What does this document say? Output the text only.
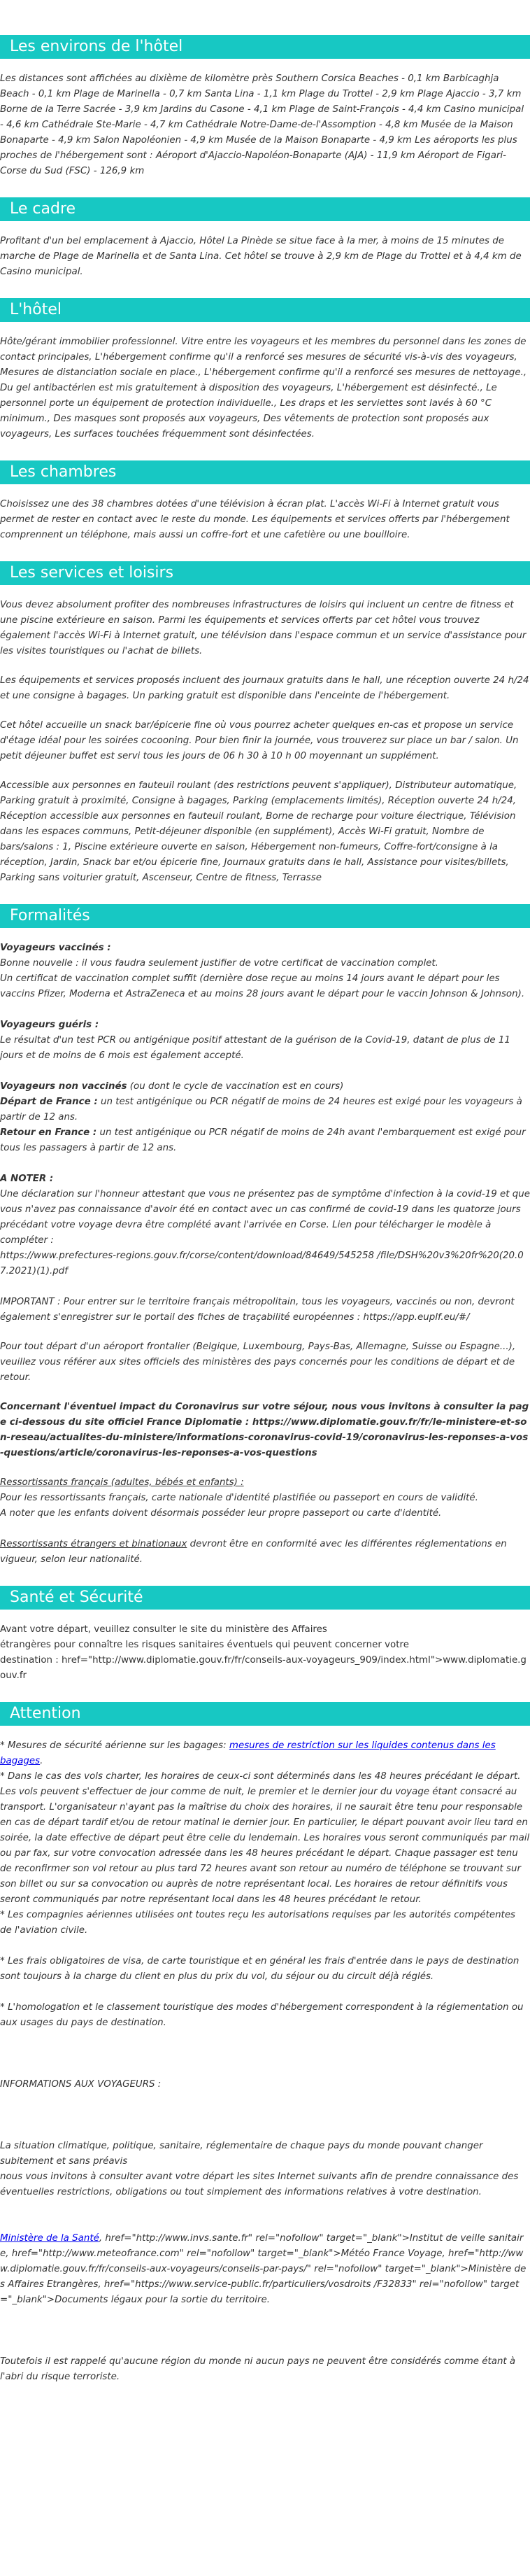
Les environs de l'hôtel

Les distances sont affichées au dixième de kilomètre près Southern Corsica Beaches - 0,1 km Barbicaghja Beach - 0,1 km Plage de Marinella - 0,7 km Santa Lina - 1,1 km Plage du Trottel - 2,9 km Plage Ajaccio - 3,7 km Borne de la Terre Sacrée - 3,9 km Jardins du Casone - 4,1 km Plage de Saint-François - 4,4 km Casino municipal - 4,6 km Cathédrale Ste-Marie - 4,7 km Cathédrale Notre-Dame-de-l'Assomption - 4,8 km Musée de la Maison Bonaparte - 4,9 km Salon Napoléonien - 4,9 km Musée de la Maison Bonaparte - 4,9 km Les aéroports les plus proches de l'hébergement sont : Aéroport d'Ajaccio-Napoléon-Bonaparte (AJA) - 11,9 km Aéroport de Figari-Corse du Sud (FSC) - 126,9 km

Le cadre

Profitant d'un bel emplacement à Ajaccio, Hôtel La Pinède se situe face à la mer, à moins de 15 minutes de marche de Plage de Marinella et de Santa Lina. Cet hôtel se trouve à 2,9 km de Plage du Trottel et à 4,4 km de Casino municipal.

L'hôtel

Hôte/gérant immobilier professionnel. Vitre entre les voyageurs et les membres du personnel dans les zones de contact principales, L'hébergement confirme qu'il a renforcé ses mesures de sécurité vis-à-vis des voyageurs, Mesures de distanciation sociale en place., L'hébergement confirme qu'il a renforcé ses mesures de nettoyage., Du gel antibactérien est mis gratuitement à disposition des voyageurs, L'hébergement est désinfecté., Le personnel porte un équipement de protection individuelle., Les draps et les serviettes sont lavés à 60 °C minimum., Des masques sont proposés aux voyageurs, Des vêtements de protection sont proposés aux voyageurs, Les surfaces touchées fréquemment sont désinfectées.

Les chambres

Choisissez une des 38 chambres dotées d'une télévision à écran plat. L'accès Wi-Fi à Internet gratuit vous permet de rester en contact avec le reste du monde. Les équipements et services offerts par l'hébergement comprennent un téléphone, mais aussi un coffre-fort et une cafetière ou une bouilloire.

Les services et loisirs

Vous devez absolument profiter des nombreuses infrastructures de loisirs qui incluent un centre de fitness et une piscine extérieure en saison. Parmi les équipements et services offerts par cet hôtel vous trouvez également l'accès Wi-Fi à Internet gratuit, une télévision dans l'espace commun et un service d'assistance pour les visites touristiques ou l'achat de billets.

Les équipements et services proposés incluent des journaux gratuits dans le hall, une réception ouverte 24 h/24 et une consigne à bagages. Un parking gratuit est disponible dans l'enceinte de l'hébergement.

Cet hôtel accueille un snack bar/épicerie fine où vous pourrez acheter quelques en-cas et propose un service d'étage idéal pour les soirées cocooning. Pour bien finir la journée, vous trouverez sur place un bar / salon. Un petit déjeuner buffet est servi tous les jours de 06 h 30 à 10 h 00 moyennant un supplément.

Accessible aux personnes en fauteuil roulant (des restrictions peuvent s'appliquer), Distributeur automatique, Parking gratuit à proximité, Consigne à bagages, Parking (emplacements limités), Réception ouverte 24 h/24, Réception accessible aux personnes en fauteuil roulant, Borne de recharge pour voiture électrique, Télévision dans les espaces communs, Petit-déjeuner disponible (en supplément), Accès Wi-Fi gratuit, Nombre de bars/salons : 1, Piscine extérieure ouverte en saison, Hébergement non-fumeurs, Coffre-fort/consigne à la réception, Jardin, Snack bar et/ou épicerie fine, Journaux gratuits dans le hall, Assistance pour visites/billets, Parking sans voiturier gratuit, Ascenseur, Centre de fitness, Terrasse

Formalités
Voyageurs vaccinés :
Bonne nouvelle : il vous faudra seulement justifier de votre certificat de vaccination complet.
Un certificat de vaccination complet suffit (dernière dose reçue au moins 14 jours avant le départ pour les vaccins Pfizer, Moderna et AstraZeneca et au moins 28 jours avant le départ pour le vaccin Johnson & Johnson).
Voyageurs guéris :
Le résultat d'un test PCR ou antigénique positif attestant de la guérison de la Covid-19, datant de plus de 11 jours et de moins de 6 mois est également accepté.
Voyageurs non vaccinés (ou dont le cycle de vaccination est en cours)
Départ de France : un test antigénique ou PCR négatif de moins de 24 heures est exigé pour les voyageurs à partir de 12 ans.
Retour en France : un test antigénique ou PCR négatif de moins de 24h avant l'embarquement est exigé pour tous les passagers à partir de 12 ans.
A NOTER :
Une déclaration sur l'honneur attestant que vous ne présentez pas de symptôme d'infection à la covid-19 et que vous n'avez pas connaissance d'avoir été en contact avec un cas confirmé de covid-19 dans les quatorze jours précédant votre voyage devra être complété avant l'arrivée en Corse. Lien pour télécharger le modèle à compléter :
https://www.prefectures-regions.gouv.fr/corse/content/download/84649/545258 /file/DSH%20v3%20fr%20(20.07.2021)(1).pdf

IMPORTANT : Pour entrer sur le territoire français métropolitain, tous les voyageurs, vaccinés ou non, devront également s'enregistrer sur le portail des fiches de traçabilité européennes : https://app.euplf.eu/#/

Pour tout départ d'un aéroport frontalier (Belgique, Luxembourg, Pays-Bas, Allemagne, Suisse ou Espagne...), veuillez vous référer aux sites officiels des ministères des pays concernés pour les conditions de départ et de retour.

Concernant l'éventuel impact du Coronavirus sur votre séjour, nous vous invitons à consulter la page ci-dessous du site officiel France Diplomatie : https://www.diplomatie.gouv.fr/fr/le-ministere-et-son-reseau/actualites-du-ministere/informations-coronavirus-covid-19/coronavirus-les-reponses-a-vos-questions/article/coronavirus-les-reponses-a-vos-questions

Ressortissants français (adultes, bébés et enfants) :
Pour les ressortissants français, carte nationale d'identité plastifiée ou passeport en cours de validité.
A noter que les enfants doivent désormais posséder leur propre passeport ou carte d'identité.

Ressortissants étrangers et binationaux devront être en conformité avec les différentes réglementations en vigueur, selon leur nationalité.

Santé et Sécurité
Avant votre départ, veuillez consulter le site du ministère des Affaires
étrangères pour connaître les risques sanitaires éventuels qui peuvent concerner votre
destination : href="http://www.diplomatie.gouv.fr/fr/conseils-aux-voyageurs_909/index.html">www.diplomatie.gouv.fr
Attention
* Mesures de sécurité aérienne sur les bagages: mesures de restriction sur les liquides contenus dans les bagages.
* Dans le cas des vols charter, les horaires de ceux-ci sont déterminés dans les 48 heures précédant le départ. Les vols peuvent s'effectuer de jour comme de nuit, le premier et le dernier jour du voyage étant consacré au transport. L'organisateur n'ayant pas la maîtrise du choix des horaires, il ne saurait être tenu pour responsable en cas de départ tardif et/ou de retour matinal le dernier jour. En particulier, le départ pouvant avoir lieu tard en soirée, la date effective de départ peut être celle du lendemain. Les horaires vous seront communiqués par mail ou par fax, sur votre convocation adressée dans les 48 heures précédant le départ. Chaque passager est tenu de reconfirmer son vol retour au plus tard 72 heures avant son retour au numéro de téléphone se trouvant sur son billet ou sur sa convocation ou auprès de notre représentant local. Les horaires de retour définitifs vous seront communiqués par notre représentant local dans les 48 heures précédant le retour.
* Les compagnies aériennes utilisées ont toutes reçu les autorisations requises par les autorités compétentes de l'aviation civile.
* Les frais obligatoires de visa, de carte touristique et en général les frais d'entrée dans le pays de destination sont toujours à la charge du client en plus du prix du vol, du séjour ou du circuit déjà réglés.
* L'homologation et le classement touristique des modes d'hébergement correspondent à la réglementation ou aux usages du pays de destination.
INFORMATIONS AUX VOYAGEURS :
La situation climatique, politique, sanitaire, réglementaire de chaque pays du monde pouvant changer subitement et sans préavis
nous vous invitons à consulter avant votre départ les sites Internet suivants afin de prendre connaissance des éventuelles restrictions, obligations ou tout simplement des informations relatives à votre destination.
Ministère de la Santé, href="http://www.invs.sante.fr" rel="nofollow" target="_blank">Institut de veille sanitaire, href="http://www.meteofrance.com" rel="nofollow" target="_blank">Météo France Voyage, href="http://www.diplomatie.gouv.fr/fr/conseils-aux-voyageurs/conseils-par-pays/" rel="nofollow" target="_blank">Ministère des Affaires Etrangères, href="https://www.service-public.fr/particuliers/vosdroits /F32833" rel="nofollow" target="_blank">Documents légaux pour la sortie du territoire.
Toutefois il est rappelé qu'aucune région du monde ni aucun pays ne peuvent être considérés comme étant à l'abri du risque terroriste.
